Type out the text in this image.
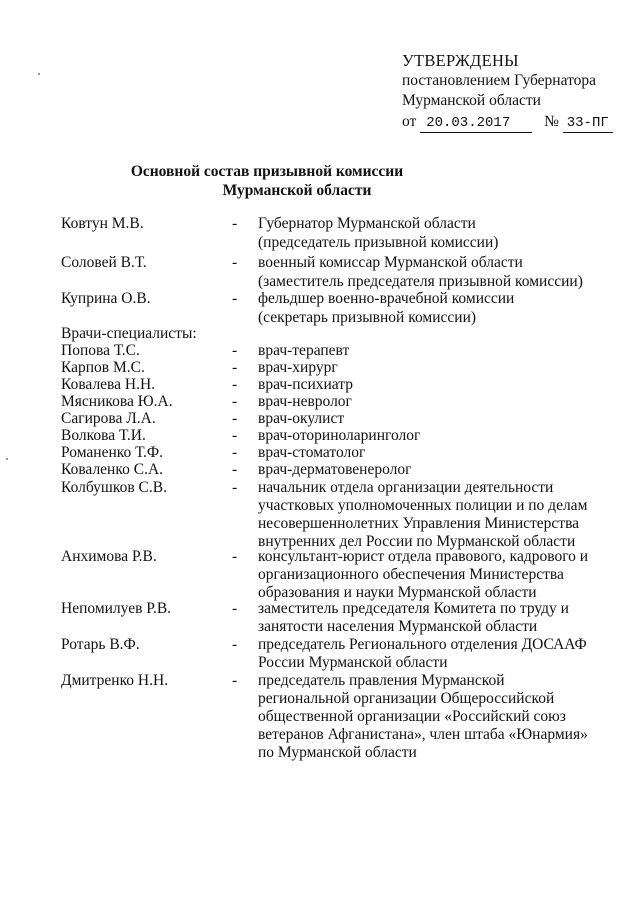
УТВЕРЖДЕНЫ
постановлением Губернатора
Мурманской области
от 20.03.2017 № 33-ПГ
Основной состав призывной комиссии
Мурманской области
Ковтун М.В.	- Губернатор Мурманской области
(председатель призывной комиссии)
Соловей В.Т.	- военный комиссар Мурманской области
(заместитель председателя призывной комиссии)
Куприна О.В.	- фельдшер военно-врачебной комиссии
(секретарь призывной комиссии)
Врачи-специалисты:
Попова Т.С.	- врач-терапевт
Карпов М.С.	- врач-хирург
Ковалева Н.Н.	- врач-психиатр
Мясникова Ю.А.	- врач-невролог
Сагирова Л.А.	- врач-окулист
Волкова Т.И.	- врач-оториноларинголог
Романенко Т.Ф.	- врач-стоматолог
Коваленко С.А.	- врач-дерматовенеролог
Колбушков С.В.	- начальник отдела организации деятельности
участковых уполномоченных полиции и по делам
несовершеннолетних Управления Министерства
внутренних дел России по Мурманской области
Анхимова Р.В.	- консультант-юрист отдела правового, кадрового и
организационного обеспечения Министерства
образования и науки Мурманской области
Непомилуев Р.В.	- заместитель председателя Комитета по труду и
занятости населения Мурманской области
Ротарь В.Ф.	- председатель Регионального отделения ДОСААФ
России Мурманской области
Дмитренко Н.Н.	- председатель правления Мурманской
региональной организации Общероссийской
общественной организации «Российский союз
ветеранов Афганистана», член штаба «Юнармия»
по Мурманской области
